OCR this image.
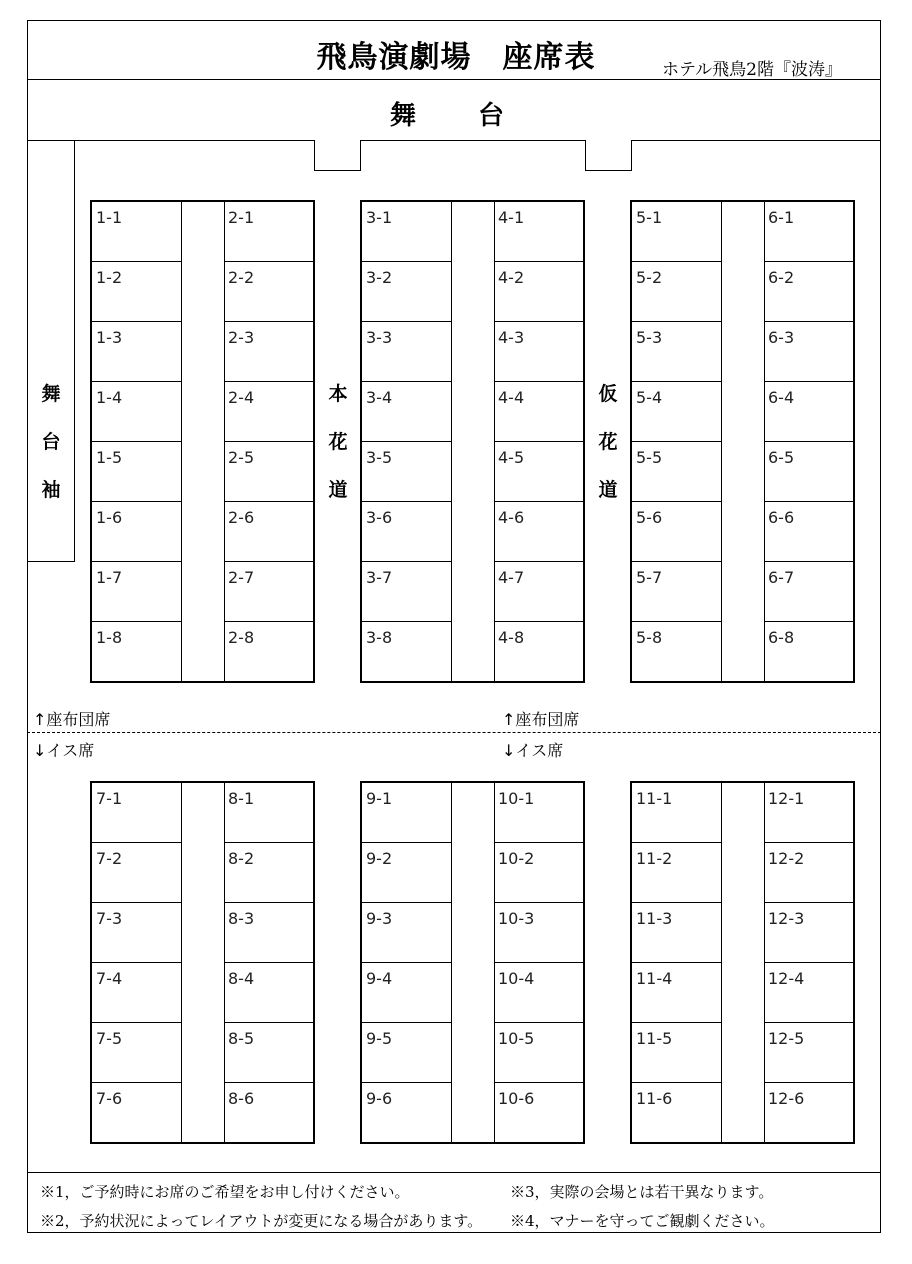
飛鳥演劇場　座席表	ホテル飛鳥2階『波涛』
舞　台
舞
台
袖
本
花
道
仮
花
道
1-1
1-2
1-3
1-4
1-5
1-6
1-7
1-8
2-1
2-2
2-3
2-4
2-5
2-6
2-7
2-8
3-1
3-2
3-3
3-4
3-5
3-6
3-7
3-8
4-1
4-2
4-3
4-4
4-5
4-6
4-7
4-8
5-1
5-2
5-3
5-4
5-5
5-6
5-7
5-8
6-1
6-2
6-3
6-4
6-5
6-6
6-7
6-8
7-1
7-2
7-3
7-4
7-5
7-6
8-1
8-2
8-3
8-4
8-5
8-6
9-1
9-2
9-3
9-4
9-5
9-6
10-1
10-2
10-3
10-4
10-5
10-6
11-1
11-2
11-3
11-4
11-5
11-6
12-1
12-2
12-3
12-4
12-5
12-6
↑座布団席
↓イス席
↑座布団席
↓イス席
※1，ご予約時にお席のご希望をお申し付けください。
※2，予約状況によってレイアウトが変更になる場合があります。
※3，実際の会場とは若干異なります。
※4，マナーを守ってご観劇ください。
